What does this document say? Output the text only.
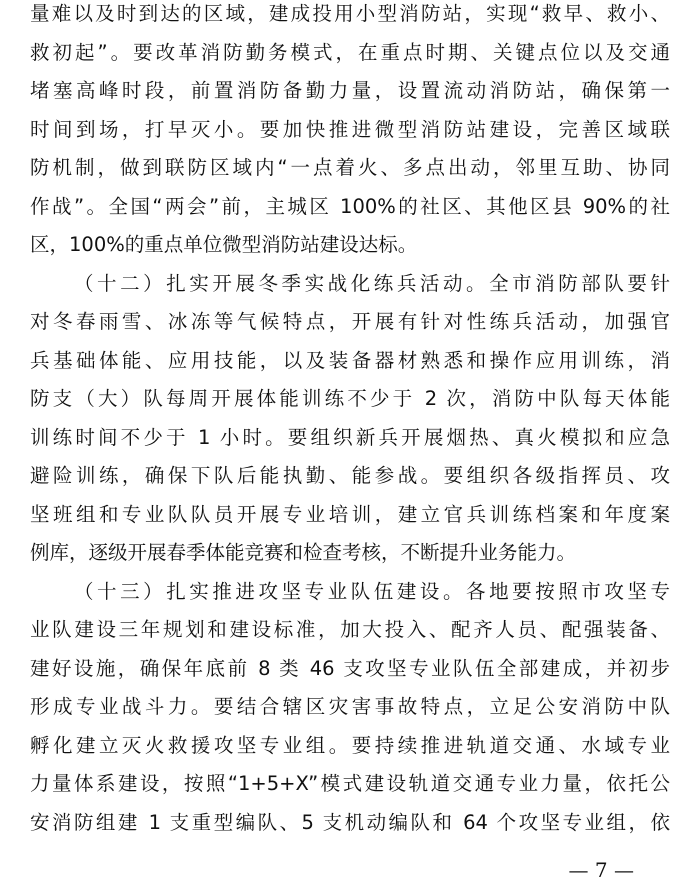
量难以及时到达的区域，建成投用小型消防站，实现“救早、救小、
救初起”。要改革消防勤务模式，在重点时期、关键点位以及交通
堵塞高峰时段，前置消防备勤力量，设置流动消防站，确保第一
时间到场，打早灭小。要加快推进微型消防站建设，完善区域联
防机制，做到联防区域内“一点着火、多点出动，邻里互助、协同
作战”。全国“两会”前，主城区 100%的社区、其他区县 90%的社
区，100%的重点单位微型消防站建设达标。
（十二）扎实开展冬季实战化练兵活动。全市消防部队要针
对冬春雨雪、冰冻等气候特点，开展有针对性练兵活动，加强官
兵基础体能、应用技能，以及装备器材熟悉和操作应用训练，消
防支（大）队每周开展体能训练不少于 2 次，消防中队每天体能
训练时间不少于 1 小时。要组织新兵开展烟热、真火模拟和应急
避险训练，确保下队后能执勤、能参战。要组织各级指挥员、攻
坚班组和专业队队员开展专业培训，建立官兵训练档案和年度案
例库，逐级开展春季体能竞赛和检查考核，不断提升业务能力。
（十三）扎实推进攻坚专业队伍建设。各地要按照市攻坚专
业队建设三年规划和建设标准，加大投入、配齐人员、配强装备、
建好设施，确保年底前 8 类 46 支攻坚专业队伍全部建成，并初步
形成专业战斗力。要结合辖区灾害事故特点，立足公安消防中队
孵化建立灭火救援攻坚专业组。要持续推进轨道交通、水域专业
力量体系建设，按照“1+5+X”模式建设轨道交通专业力量，依托公
安消防组建 1 支重型编队、5 支机动编队和 64 个攻坚专业组，依
— 7 —
